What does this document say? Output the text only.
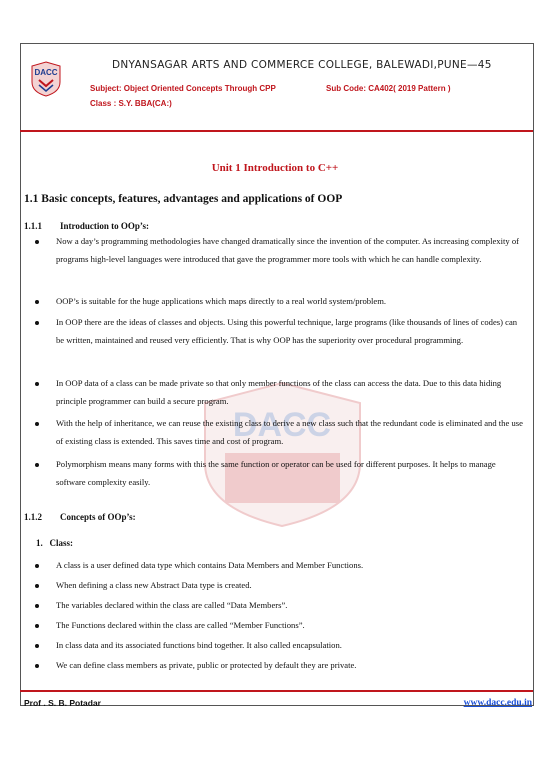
DACC
DNYANSAGAR ARTS AND COMMERCE COLLEGE, BALEWADI,PUNE—45
Subject: Object Oriented Concepts Through CPP	Sub Code: CA402( 2019 Pattern )
Class : S.Y. BBA(CA:)
DACC
Unit 1 Introduction to C++
1.1 Basic concepts, features, advantages and applications of OOP
1.1.1 Introduction to OOp’s:
Now a day’s programming methodologies have changed dramatically since the invention of the computer. As increasing complexity of programs high-level languages were introduced that gave the programmer more tools with which he can handle complexity.
OOP’s is suitable for the huge applications which maps directly to a real world system/problem.
In OOP there are the ideas of classes and objects. Using this powerful technique, large programs (like thousands of lines of codes) can be written, maintained and reused very efficiently. That is why OOP has the superiority over procedural programming.
In OOP data of a class can be made private so that only member functions of the class can access the data. Due to this data hiding principle programmer can build a secure program.
With the help of inheritance, we can reuse the existing class to derive a new class such that the redundant code is eliminated and the use of existing class is extended. This saves time and cost of program.
Polymorphism means many forms with this the same function or operator can be used for different purposes. It helps to manage software complexity easily.
1.1.2 Concepts of OOp’s:
1. Class:
A class is a user defined data type which contains Data Members and Member Functions.
When defining a class new Abstract Data type is created.
The variables declared within the class are called “Data Members”.
The Functions declared within the class are called “Member Functions”.
In class data and its associated functions bind together. It also called encapsulation.
We can define class members as private, public or protected by default they are private.
Prof . S. B. Potadar	www.dacc.edu.in
